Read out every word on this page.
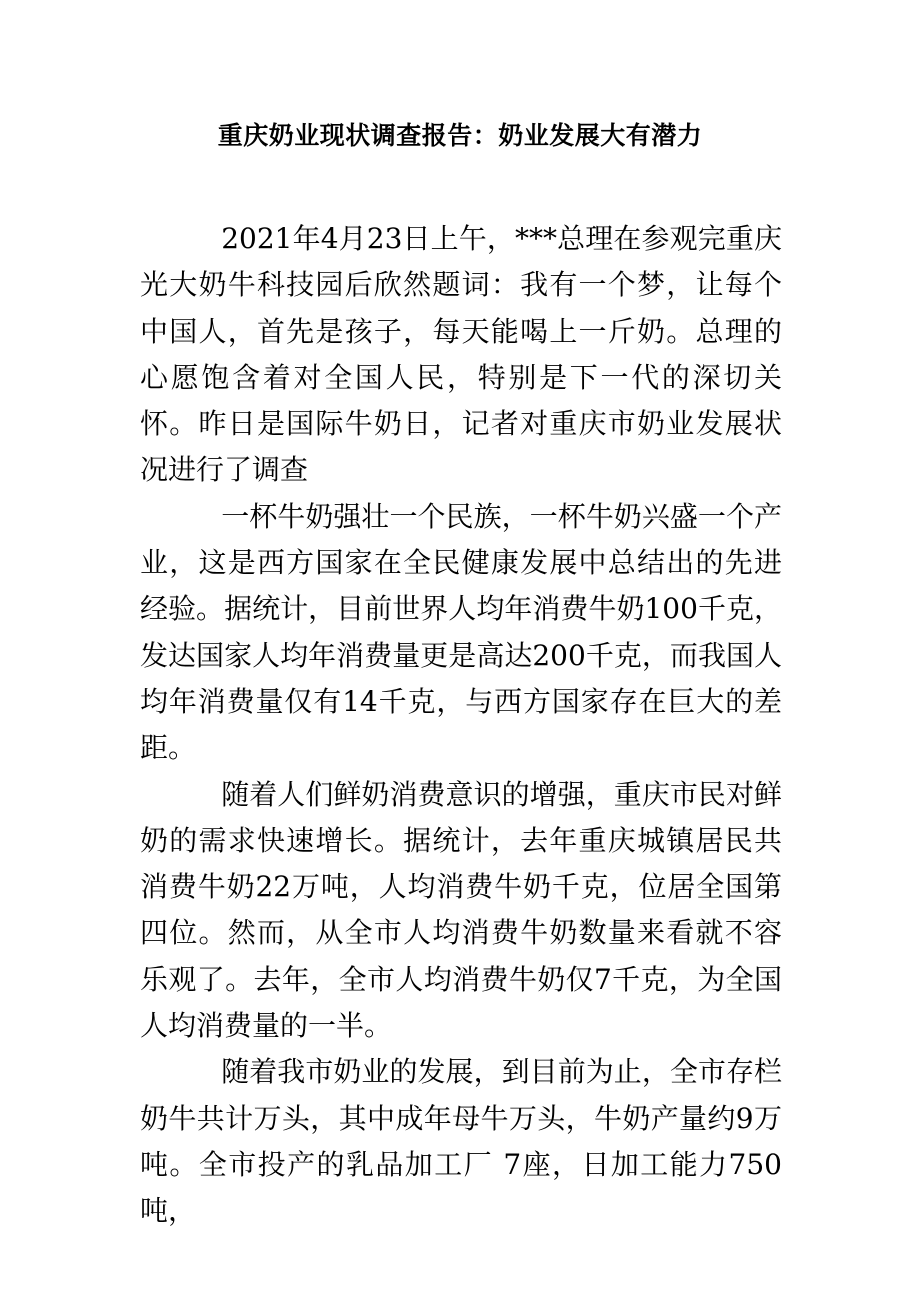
重庆奶业现状调查报告：奶业发展大有潜力

2021年4月23日上午，***总理在参观完重庆光大奶牛科技园后欣然题词：我有一个梦，让每个中国人，首先是孩子，每天能喝上一斤奶。总理的心愿饱含着对全国人民，特别是下一代的深切关怀。昨日是国际牛奶日，记者对重庆市奶业发展状况进行了调查

一杯牛奶强壮一个民族，一杯牛奶兴盛一个产业，这是西方国家在全民健康发展中总结出的先进经验。据统计，目前世界人均年消费牛奶100千克，发达国家人均年消费量更是高达200千克，而我国人均年消费量仅有14千克，与西方国家存在巨大的差距。

随着人们鲜奶消费意识的增强，重庆市民对鲜奶的需求快速增长。据统计，去年重庆城镇居民共消费牛奶22万吨，人均消费牛奶千克，位居全国第四位。然而，从全市人均消费牛奶数量来看就不容乐观了。去年，全市人均消费牛奶仅7千克，为全国人均消费量的一半。

随着我市奶业的发展，到目前为止，全市存栏奶牛共计万头，其中成年母牛万头，牛奶产量约9万吨。全市投产的乳品加工厂 7座，日加工能力750吨，
